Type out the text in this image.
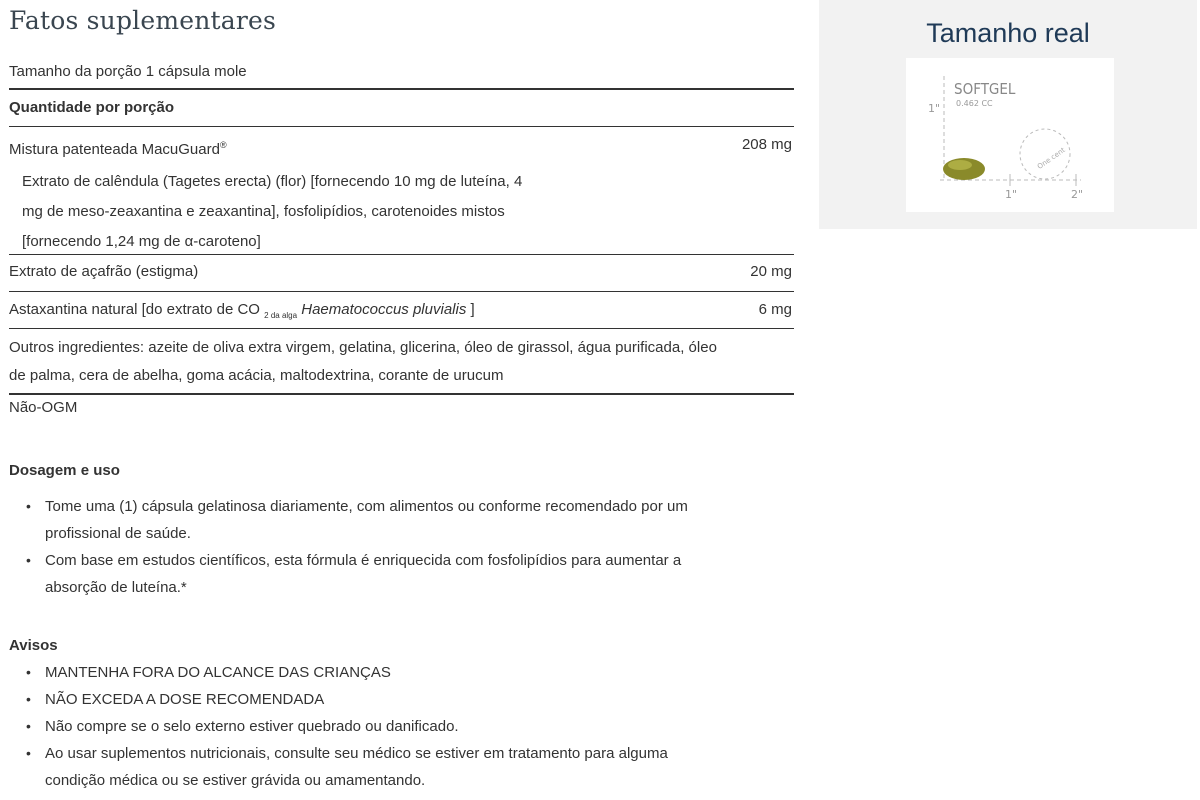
Fatos suplementares
Tamanho da porção 1 cápsula mole
Quantidade por porção
Mistura patenteada MacuGuard®	208 mg
Extrato de calêndula (Tagetes erecta) (flor) [fornecendo 10 mg de luteína, 4
mg de meso-zeaxantina e zeaxantina], fosfolipídios, carotenoides mistos
[fornecendo 1,24 mg de α-caroteno]
Extrato de açafrão (estigma)	20 mg
Astaxantina natural [do extrato de CO $_{2 da alga}$ Haematococcus pluvialis ]	6 mg
Outros ingredientes: azeite de oliva extra virgem, gelatina, glicerina, óleo de girassol, água purificada, óleo
de palma, cera de abelha, goma acácia, maltodextrina, corante de urucum
Não-OGM
Dosagem e uso
• Tome uma (1) cápsula gelatinosa diariamente, com alimentos ou conforme recomendado por um
profissional de saúde.
• Com base em estudos científicos, esta fórmula é enriquecida com fosfolipídios para aumentar a
absorção de luteína.*
Avisos
• MANTENHA FORA DO ALCANCE DAS CRIANÇAS
• NÃO EXCEDA A DOSE RECOMENDADA
• Não compre se o selo externo estiver quebrado ou danificado.
• Ao usar suplementos nutricionais, consulte seu médico se estiver em tratamento para alguma
condição médica ou se estiver grávida ou amamentando.
Tamanho real
SOFTGEL
0.462 CC
1"
1"	2"
One cent
